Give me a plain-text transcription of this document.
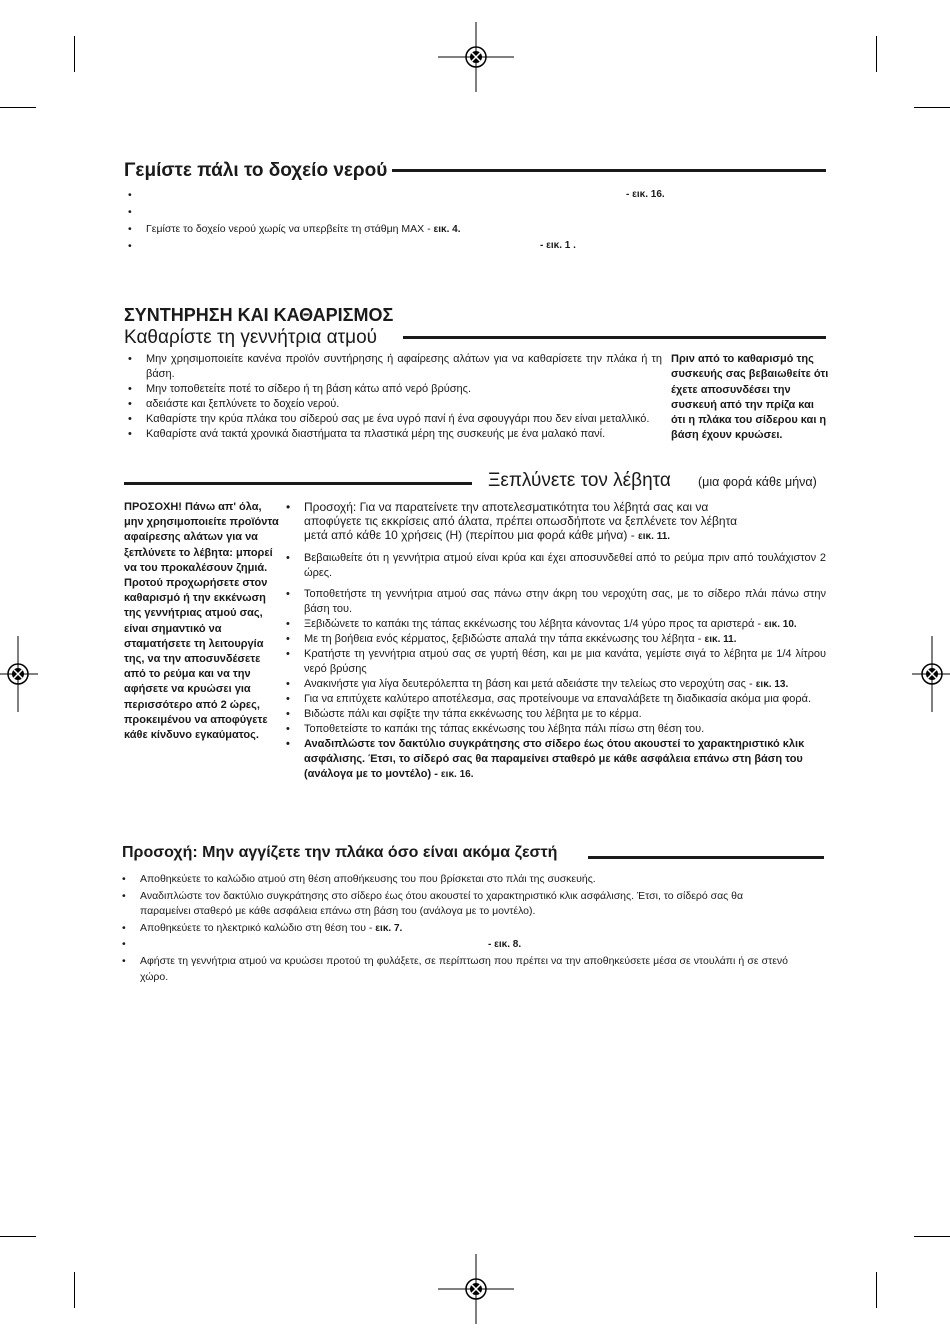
Γεμίστε πάλι το δοχείο νερού
• - εικ. 16.
•
• Γεμίστε το δοχείο νερού χωρίς να υπερβείτε τη στάθμη MAX - εικ. 4.
• - εικ. 1 .
ΣΥΝΤΗΡΗΣΗ ΚΑΙ ΚΑΘΑΡΙΣΜΟΣ
Καθαρίστε τη γεννήτρια ατμού
• Μην χρησιμοποιείτε κανένα προϊόν συντήρησης ή αφαίρεσης αλάτων για να καθαρίσετε την πλάκα ή τη βάση.
• Μην τοποθετείτε ποτέ το σίδερο ή τη βάση κάτω από νερό βρύσης.
• αδειάστε και ξεπλύνετε το δοχείο νερού.
• Καθαρίστε την κρύα πλάκα του σίδερού σας με ένα υγρό πανί ή ένα σφουγγάρι που δεν είναι μεταλλικό.
• Καθαρίστε ανά τακτά χρονικά διαστήματα τα πλαστικά μέρη της συσκευής με ένα μαλακό πανί.

Πριν από το καθαρισμό της συσκευής σας βεβαιωθείτε ότι έχετε αποσυνδέσει την συσκευή από την πρίζα και ότι η πλάκα του σίδερου και η βάση έχουν κρυώσει.

Ξεπλύνετε τον λέβητα (μια φορά κάθε μήνα)

ΠΡΟΣΟΧΗ! Πάνω απ' όλα, μην χρησιμοποιείτε προϊόντα αφαίρεσης αλάτων για να ξεπλύνετε το λέβητα: μπορεί να του προκαλέσουν ζημιά. Προτού προχωρήσετε στον καθαρισμό ή την εκκένωση της γεννήτριας ατμού σας, είναι σημαντικό να σταματήσετε τη λειτουργία της, να την αποσυνδέσετε από το ρεύμα και να την αφήσετε να κρυώσει για περισσότερο από 2 ώρες, προκειμένου να αποφύγετε κάθε κίνδυνο εγκαύματος.

• Προσοχή: Για να παρατείνετε την αποτελεσματικότητα του λέβητά σας και να αποφύγετε τις εκκρίσεις από άλατα, πρέπει οπωσδήποτε να ξεπλένετε τον λέβητα μετά από κάθε 10 χρήσεις (Η) (περίπου μια φορά κάθε μήνα) - εικ. 11.
• Βεβαιωθείτε ότι η γεννήτρια ατμού είναι κρύα και έχει αποσυνδεθεί από το ρεύμα πριν από τουλάχιστον 2 ώρες.
• Τοποθετήστε τη γεννήτρια ατμού σας πάνω στην άκρη του νεροχύτη σας, με το σίδερο πλάι πάνω στην βάση του.
• Ξεβιδώνετε το καπάκι της τάπας εκκένωσης του λέβητα κάνοντας 1/4 γύρο προς τα αριστερά - εικ. 10.
• Με τη βοήθεια ενός κέρματος, ξεβιδώστε απαλά την τάπα εκκένωσης του λέβητα - εικ. 11.
• Κρατήστε τη γεννήτρια ατμού σας σε γυρτή θέση, και με μια κανάτα, γεμίστε σιγά το λέβητα με 1/4 λίτρου νερό βρύσης
• Ανακινήστε για λίγα δευτερόλεπτα τη βάση και μετά αδειάστε την τελείως στο νεροχύτη σας - εικ. 13.
• Για να επιτύχετε καλύτερο αποτέλεσμα, σας προτείνουμε να επαναλάβετε τη διαδικασία ακόμα μια φορά.
• Βιδώστε πάλι και σφίξτε την τάπα εκκένωσης του λέβητα με το κέρμα.
• Τοποθετείστε το καπάκι της τάπας εκκένωσης του λέβητα πάλι πίσω στη θέση του.
• Αναδιπλώστε τον δακτύλιο συγκράτησης στο σίδερο έως ότου ακουστεί το χαρακτηριστικό κλικ ασφάλισης. Έτσι, το σίδερό σας θα παραμείνει σταθερό με κάθε ασφάλεια επάνω στη βάση του (ανάλογα με το μοντέλο) - εικ. 16.
Προσοχή: Μην αγγίζετε την πλάκα όσο είναι ακόμα ζεστή
• Αποθηκεύετε το καλώδιο ατμού στη θέση αποθήκευσης του που βρίσκεται στο πλάι της συσκευής.
• Αναδιπλώστε τον δακτύλιο συγκράτησης στο σίδερο έως ότου ακουστεί το χαρακτηριστικό κλικ ασφάλισης. Έτσι, το σίδερό σας θα παραμείνει σταθερό με κάθε ασφάλεια επάνω στη βάση του (ανάλογα με το μοντέλο).
• Αποθηκεύετε το ηλεκτρικό καλώδιο στη θέση του - εικ. 7.
• - εικ. 8.
• Αφήστε τη γεννήτρια ατμού να κρυώσει προτού τη φυλάξετε, σε περίπτωση που πρέπει να την αποθηκεύσετε μέσα σε ντουλάπι ή σε στενό χώρο.
